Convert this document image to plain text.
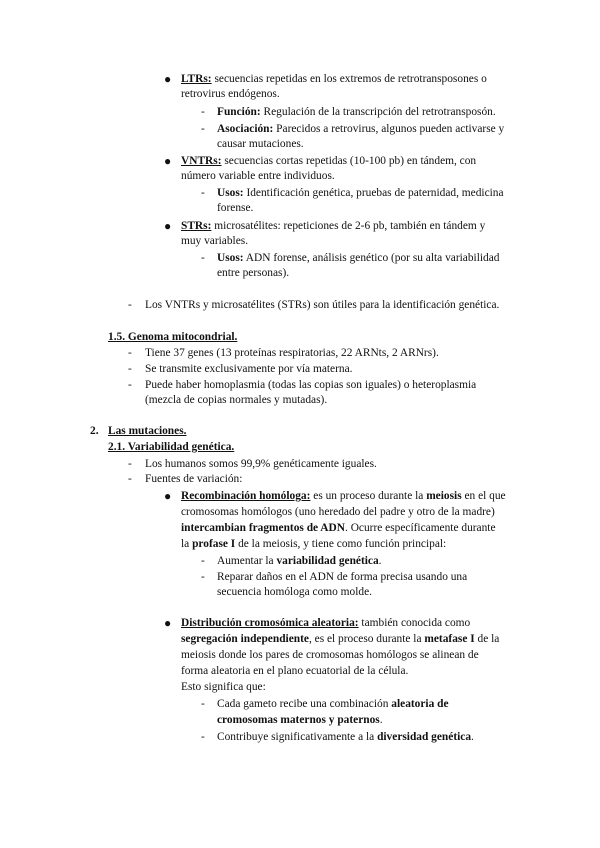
● LTRs: secuencias repetidas en los extremos de retrotransposones o
retrovirus endógenos.
- Función: Regulación de la transcripción del retrotransposón.
- Asociación: Parecidos a retrovirus, algunos pueden activarse y
causar mutaciones.
● VNTRs: secuencias cortas repetidas (10-100 pb) en tándem, con
número variable entre individuos.
- Usos: Identificación genética, pruebas de paternidad, medicina
forense.
● STRs: microsatélites: repeticiones de 2-6 pb, también en tándem y
muy variables.
- Usos: ADN forense, análisis genético (por su alta variabilidad
entre personas).
- Los VNTRs y microsatélites (STRs) son útiles para la identificación genética.
1.5. Genoma mitocondrial.
- Tiene 37 genes (13 proteínas respiratorias, 22 ARNts, 2 ARNrs).
- Se transmite exclusivamente por vía materna.
- Puede haber homoplasmia (todas las copias son iguales) o heteroplasmia
(mezcla de copias normales y mutadas).
2. Las mutaciones.
2.1. Variabilidad genética.
- Los humanos somos 99,9% genéticamente iguales.
- Fuentes de variación:
● Recombinación homóloga: es un proceso durante la meiosis en el que
cromosomas homólogos (uno heredado del padre y otro de la madre)
intercambian fragmentos de ADN. Ocurre específicamente durante
la profase I de la meiosis, y tiene como función principal:
- Aumentar la variabilidad genética.
- Reparar daños en el ADN de forma precisa usando una
secuencia homóloga como molde.
● Distribución cromosómica aleatoria: también conocida como
segregación independiente, es el proceso durante la metafase I de la
meiosis donde los pares de cromosomas homólogos se alinean de
forma aleatoria en el plano ecuatorial de la célula.
Esto significa que:
- Cada gameto recibe una combinación aleatoria de
cromosomas maternos y paternos.
- Contribuye significativamente a la diversidad genética.
